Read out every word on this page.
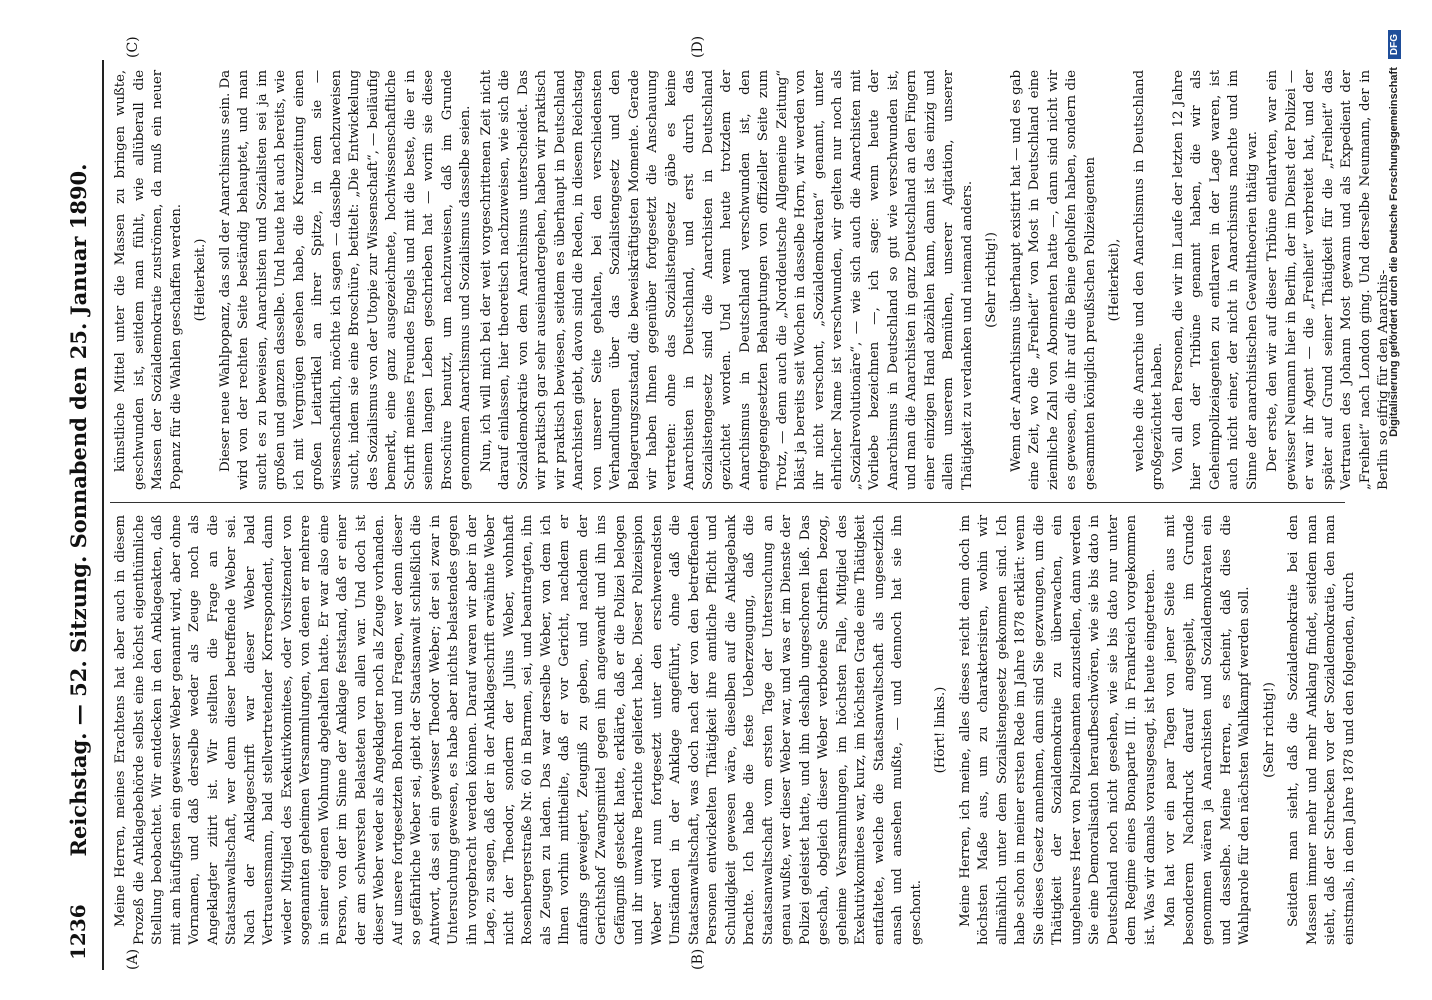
1236
Reichstag. — 52. Sitzung. Sonnabend den 25. Januar 1890.
(A)	(B)
(C)	(D)

Meine Herren, meines Erachtens hat aber auch in diesem Prozeß die Anklagebehörde selbst eine höchst eigenthümliche Stellung beobachtet. Wir entdecken in den Anklageakten, daß mit am häufigsten ein gewisser Weber genannt wird, aber ohne Vornamen, und daß derselbe weder als Zeuge noch als Angeklagter zitirt ist. Wir stellten die Frage an die Staatsanwaltschaft, wer denn dieser betreffende Weber sei. Nach der Anklageschrift war dieser Weber bald Vertrauensmann, bald stellvertretender Korrespondent, dann wieder Mitglied des Exekutivkomitees, oder Vorsitzender von sogenannten geheimen Versammlungen, von denen er mehrere in seiner eigenen Wohnung abgehalten hatte. Er war also eine Person, von der im Sinne der Anklage feststand, daß er einer der am schwersten Belasteten von allen war. Und doch ist dieser Weber weder als Angeklagter noch als Zeuge vorhanden. Auf unsere fortgesetzten Bohren und Fragen, wer denn dieser so gefährliche Weber sei, giebt der Staatsanwalt schließlich die Antwort, das sei ein gewisser Theodor Weber; der sei zwar in Untersuchung gewesen, es habe aber nichts belastendes gegen ihn vorgebracht werden können. Darauf waren wir aber in der Lage, zu sagen, daß der in der Anklageschrift erwähnte Weber nicht der Theodor, sondern der Julius Weber, wohnhaft Rosenbergerstraße Nr. 60 in Barmen, sei, und beantragten, ihn als Zeugen zu laden. Das war derselbe Weber, von dem ich Ihnen vorhin mittheilte, daß er vor Gericht, nachdem er anfangs geweigert, Zeugniß zu geben, und nachdem der Gerichtshof Zwangsmittel gegen ihn angewandt und ihn ins Gefängniß gesteckt hatte, erklärte, daß er die Polizei belogen und ihr unwahre Berichte geliefert habe. Dieser Polizeispion Weber wird nun fortgesetzt unter den erschwerendsten Umständen in der Anklage angeführt, ohne daß die Staatsanwaltschaft, was doch nach der von den betreffenden Personen entwickelten Thätigkeit ihre amtliche Pflicht und Schuldigkeit gewesen wäre, dieselben auf die Anklagebank brachte. Ich habe die feste Ueberzeugung, daß die Staatsanwaltschaft vom ersten Tage der Untersuchung an genau wußte, wer dieser Weber war, und was er im Dienste der Polizei geleistet hatte, und ihn deshalb ungeschoren ließ. Das geschah, obgleich dieser Weber verbotene Schriften bezog, geheime Versammlungen, im höchsten Falle, Mitglied des Exekutivkomitees war, kurz, im höchsten Grade eine Thätigkeit entfaltete, welche die Staatsanwaltschaft als ungesetzlich ansah und ansehen mußte, — und dennoch hat sie ihn geschont.

(Hört! links.) Meine Herren, ich meine, alles dieses reicht denn doch im höchsten Maße aus, um zu charakterisiren, wohin wir allmählich unter dem Sozialistengesetz gekommen sind. Ich habe schon in meiner ersten Rede im Jahre 1878 erklärt: wenn Sie dieses Gesetz annehmen, dann sind Sie gezwungen, um die Thätigkeit der Sozialdemokratie zu überwachen, ein ungeheures Heer von Polizeibeamten anzustellen, dann werden Sie eine Demoralisation heraufbeschwören, wie sie bis dato in Deutschland noch nicht gesehen, wie sie bis dato nur unter dem Regime eines Bonaparte III. in Frankreich vorgekommen ist. Was wir damals vorausgesagt, ist heute eingetreten. Man hat vor ein paar Tagen von jener Seite aus mit besonderem Nachdruck darauf angespielt, im Grunde genommen wären ja Anarchisten und Sozialdemokraten ein und dasselbe. Meine Herren, es scheint, daß dies die Wahlparole für den nächsten Wahlkampf werden soll. (Sehr richtig!) Seitdem man sieht, daß die Sozialdemokratie bei den Massen immer mehr und mehr Anklang findet, seitdem man sieht, daß der Schrecken vor der Sozialdemokratie, den man einstmals, in dem Jahre 1878 und den folgenden, durch

künstliche Mittel unter die Massen zu bringen wußte, geschwunden ist, seitdem man fühlt, wie allüberall die Massen der Sozialdemokratie zuströmen, da muß ein neuer Popanz für die Wahlen geschaffen werden. (Heiterkeit.) Dieser neue Wahlpopanz, das soll der Anarchismus sein. Da wird von der rechten Seite beständig behauptet, und man sucht es zu beweisen, Anarchisten und Sozialisten sei ja im großen und ganzen dasselbe. Und heute hat auch bereits, wie ich mit Vergnügen gesehen habe, die Kreuzzeitung einen großen Leitartikel an ihrer Spitze, in dem sie — wissenschaftlich, möchte ich sagen — dasselbe nachzuweisen sucht, indem sie eine Broschüre, betitelt: „Die Entwickelung des Sozialismus von der Utopie zur Wissenschaft“, — beiläufig bemerkt, eine ganz ausgezeichnete, hochwissenschaftliche Schrift meines Freundes Engels und mit die beste, die er in seinem langen Leben geschrieben hat — worin sie diese Broschüre benutzt, um nachzuweisen, daß im Grunde genommen Anarchismus und Sozialismus dasselbe seien. Nun, ich will mich bei der weit vorgeschrittenen Zeit nicht darauf einlassen, hier theoretisch nachzuweisen, wie sich die Sozialdemokratie von dem Anarchismus unterscheidet. Das wir praktisch gar sehr auseinandergehen, haben wir praktisch wir praktisch bewiesen, seitdem es überhaupt in Deutschland Anarchisten giebt, davon sind die Reden, in diesem Reichstag von unserer Seite gehalten, bei den verschiedensten Verhandlungen über das Sozialistengesetz und den Belagerungszustand, die beweiskräftigsten Momente. Gerade wir haben Ihnen gegenüber fortgesetzt die Anschauung vertreten: ohne das Sozialistengesetz gäbe es keine Anarchisten in Deutschland, und erst durch das Sozialistengesetz sind die Anarchisten in Deutschland gezüchtet worden. Und wenn heute trotzdem der Anarchismus in Deutschland verschwunden ist, den entgegengesetzten Behauptungen von offizieller Seite zum Trotz, — denn auch die „Norddeutsche Allgemeine Zeitung“ bläst ja bereits seit Wochen in dasselbe Horn, wir werden von ihr nicht verschont, „Sozialdemokraten“ genannt, unter ehrlicher Name ist verschwunden, wir gelten nur noch als „Sozialrevolutionäre“, — wie sich auch die Anarchisten mit Vorliebe bezeichnen —, ich sage: wenn heute der Anarchismus in Deutschland so gut wie verschwunden ist, und man die Anarchisten in ganz Deutschland an den Fingern einer einzigen Hand abzählen kann, dann ist das einzig und allein unserem Bemühen, unserer Agitation, unserer Thätigkeit zu verdanken und niemand anders. (Sehr richtig!) Wenn der Anarchismus überhaupt existirt hat — und es gab eine Zeit, wo die „Freiheit“ von Most in Deutschland eine ziemliche Zahl von Abonnenten hatte —, dann sind nicht wir es gewesen, die ihr auf die Beine geholfen haben, sondern die gesammten königlich preußischen Polizeiagenten (Heiterkeit), welche die Anarchie und den Anarchismus in Deutschland großgezüchtet haben. Von all den Personen, die wir im Laufe der letzten 12 Jahre hier von der Tribüne genannt haben, die wir als Geheimpolizeiagenten zu entlarven in der Lage waren, ist auch nicht einer, der nicht in Anarchismus machte und im Sinne der anarchistischen Gewalttheorien thätig war. Der erste, den wir auf dieser Tribüne entlarvten, war ein gewisser Neumann hier in Berlin, der im Dienst der Polizei — er war ihr Agent — die „Freiheit“ verbreitet hat, und der später auf Grund seiner Thätigkeit für die „Freiheit“ das Vertrauen des Johann Most gewann und als Expedient der „Freiheit“ nach London ging. Und derselbe Neumann, der in Berlin so eifrig für den Anarchis-

Digitalisierung gefördert durch die Deutsche Forschungsgemeinschaft
DFG
